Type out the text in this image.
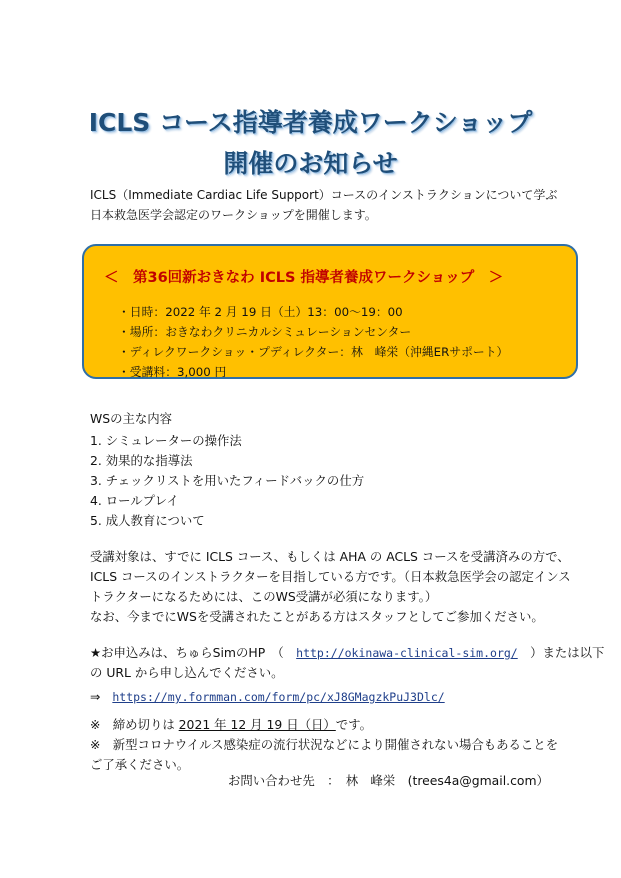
ICLS コース指導者養成ワークショップ
開催のお知らせ
ICLS（Immediate Cardiac Life Support）コースのインストラクションについて学ぶ
日本救急医学会認定のワークショップを開催します。
＜　第36回新おきなわ ICLS 指導者養成ワークショップ　＞
・日時：2022 年 2 月 19 日（土）13：00～19：00
・場所：おきなわクリニカルシミュレーションセンター
・ディレクワークショッ・プディレクター：林　峰栄（沖縄ERサポート）
・受講料：3,000 円
WSの主な内容
1. シミュレーターの操作法
2. 効果的な指導法
3. チェックリストを用いたフィードバックの仕方
4. ロールプレイ
5. 成人教育について
受講対象は、すでに ICLS コース、もしくは AHA の ACLS コースを受講済みの方で、
ICLS コースのインストラクターを目指している方です。（日本救急医学会の認定インス
トラクターになるためには、このWS受講が必須になります。）
なお、今までにWSを受講されたことがある方はスタッフとしてご参加ください。
★お申込みは、ちゅらSimのHP　（　http://okinawa-clinical-sim.org/　）または以下
の URL から申し込んでください。
⇒ https://my.formman.com/form/pc/xJ8GMagzkPuJ3Dlc/
※　締め切りは 2021 年 12 月 19 日（日）です。
※　新型コロナウイルス感染症の流行状況などにより開催されない場合もあることを
ご了承ください。
お問い合わせ先　：　林　峰栄　(trees4a@gmail.com）
